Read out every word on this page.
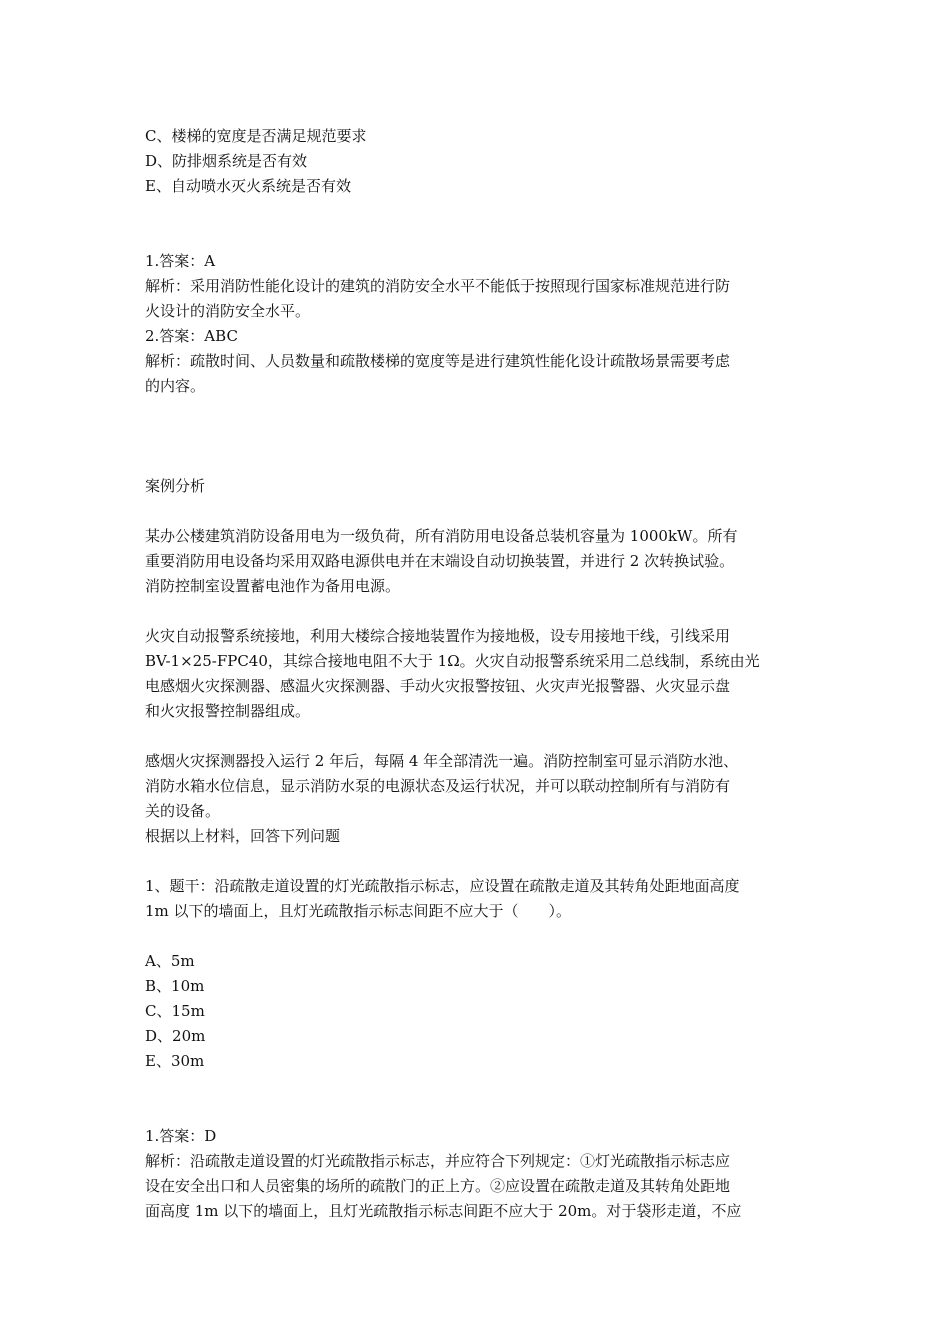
C、楼梯的宽度是否满足规范要求
D、防排烟系统是否有效
E、自动喷水灭火系统是否有效
1.答案：A
解析：采用消防性能化设计的建筑的消防安全水平不能低于按照现行国家标准规范进行防
火设计的消防安全水平。
2.答案：ABC
解析：疏散时间、人员数量和疏散楼梯的宽度等是进行建筑性能化设计疏散场景需要考虑
的内容。
案例分析
某办公楼建筑消防设备用电为一级负荷，所有消防用电设备总装机容量为 1000kW。所有
重要消防用电设备均采用双路电源供电并在末端设自动切换装置，并进行 2 次转换试验。
消防控制室设置蓄电池作为备用电源。
火灾自动报警系统接地，利用大楼综合接地装置作为接地极，设专用接地干线，引线采用
BV-1×25-FPC40，其综合接地电阻不大于 1Ω。火灾自动报警系统采用二总线制，系统由光
电感烟火灾探测器、感温火灾探测器、手动火灾报警按钮、火灾声光报警器、火灾显示盘
和火灾报警控制器组成。
感烟火灾探测器投入运行 2 年后，每隔 4 年全部清洗一遍。消防控制室可显示消防水池、
消防水箱水位信息，显示消防水泵的电源状态及运行状况，并可以联动控制所有与消防有
关的设备。
根据以上材料，回答下列问题
1、题干：沿疏散走道设置的灯光疏散指示标志，应设置在疏散走道及其转角处距地面高度
1m 以下的墙面上，且灯光疏散指示标志间距不应大于（　　）。
A、5m
B、10m
C、15m
D、20m
E、30m
1.答案：D
解析：沿疏散走道设置的灯光疏散指示标志，并应符合下列规定：①灯光疏散指示标志应
设在安全出口和人员密集的场所的疏散门的正上方。②应设置在疏散走道及其转角处距地
面高度 1m 以下的墙面上，且灯光疏散指示标志间距不应大于 20m。对于袋形走道，不应
